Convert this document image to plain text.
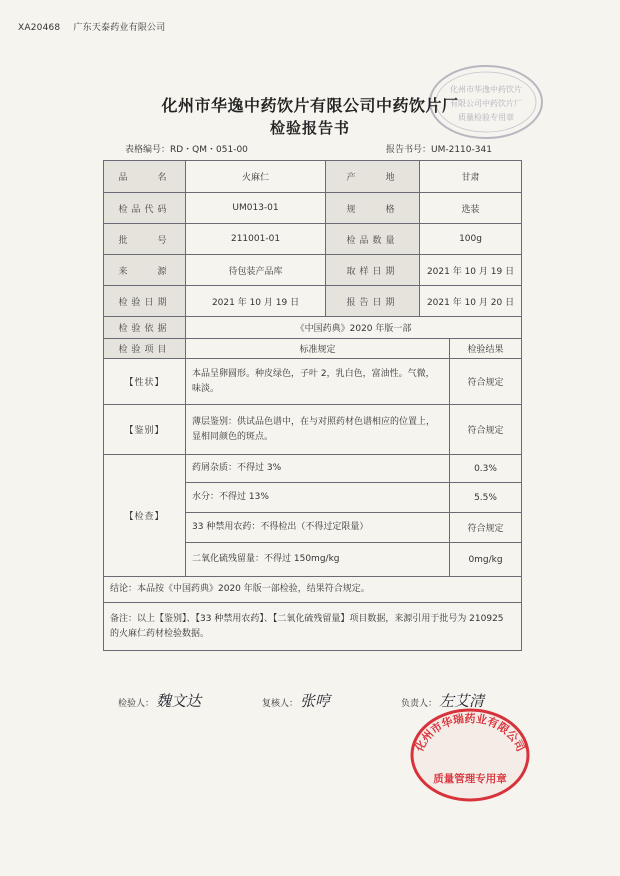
XA20468 广东天泰药业有限公司
化州市华逸中药饮片
有限公司中药饮片厂
质量检验专用章
化州市华逸中药饮片有限公司中药饮片厂
检验报告书
表格编号：RD・QM・051-00	报告书号：UM-2110-341
品　　名	火麻仁	产　　地	甘肃	
检品代码	UM013-01	规　　格	选装	
批　　号	211001-01	检品数量	100g	
来　　源	待包装产品库	取样日期	2021 年 10 月 19 日	
检验日期	2021 年 10 月 19 日	报告日期	2021 年 10 月 20 日	
检验依据	《中国药典》2020 年版一部			
检验项目	标准规定			检验结果
【性状】	本品呈卵圆形。种皮绿色，子叶 2，乳白色，富油性。气微，味淡。			符合规定
【鉴别】	薄层鉴别：供试品色谱中，在与对照药材色谱相应的位置上，显相同颜色的斑点。			符合规定
【检查】	药屑杂质：不得过 3%			0.3%
	水分：不得过 13%			5.5%
	33 种禁用农药：不得检出（不得过定限量）			符合规定
	二氧化硫残留量：不得过 150mg/kg			0mg/kg
结论：本品按《中国药典》2020 年版一部检验，结果符合规定。				
备注：以上【鉴别】、【33 种禁用农药】、【二氧化硫残留量】项目数据，来源引用于批号为 210925 的火麻仁药材检验数据。				
检验人： 魏文达	复核人： 张哼	负责人： 左艾清
化州市华瑞药业有限公司
质量管理专用章
